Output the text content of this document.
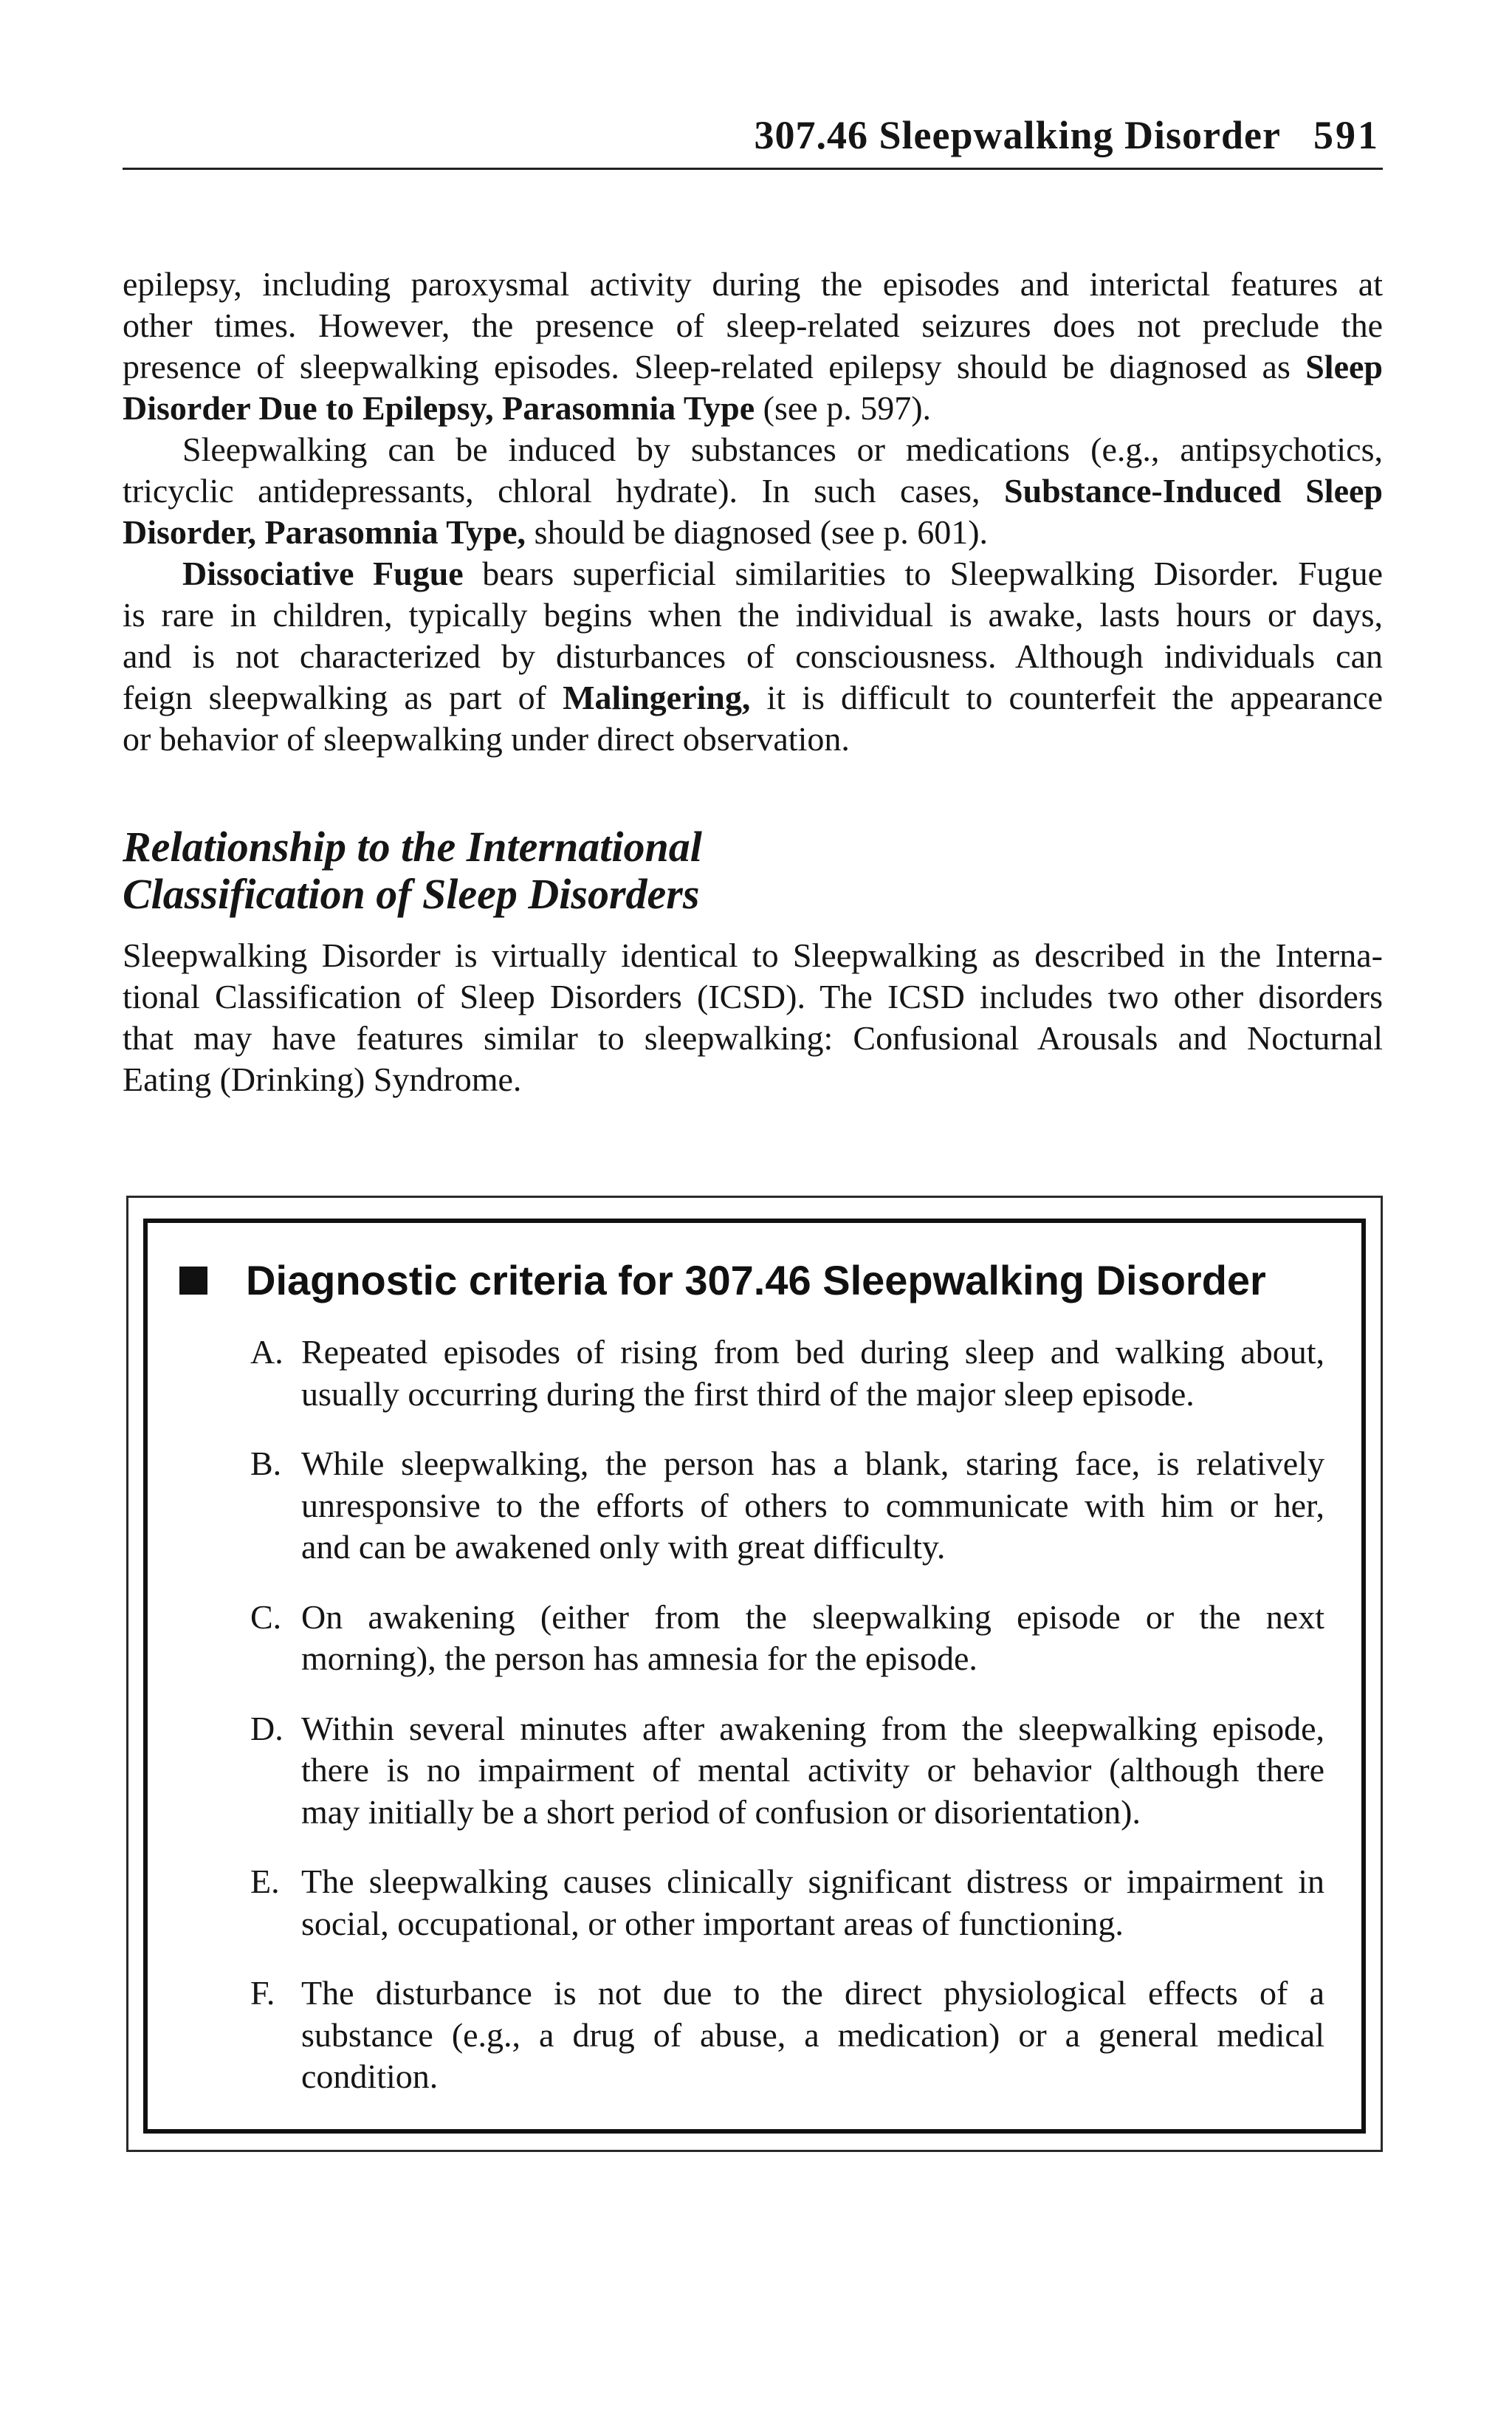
307.46 Sleepwalking Disorder 591
epilepsy, including paroxysmal activity during the episodes and interictal features at
other times. However, the presence of sleep-related seizures does not preclude the
presence of sleepwalking episodes. Sleep-related epilepsy should be diagnosed as Sleep
Disorder Due to Epilepsy, Parasomnia Type (see p. 597).
Sleepwalking can be induced by substances or medications (e.g., antipsychotics,
tricyclic antidepressants, chloral hydrate). In such cases, Substance-Induced Sleep
Disorder, Parasomnia Type, should be diagnosed (see p. 601).
Dissociative Fugue bears superficial similarities to Sleepwalking Disorder. Fugue
is rare in children, typically begins when the individual is awake, lasts hours or days,
and is not characterized by disturbances of consciousness. Although individuals can
feign sleepwalking as part of Malingering, it is difficult to counterfeit the appearance
or behavior of sleepwalking under direct observation.
Relationship to the International
Classification of Sleep Disorders
Sleepwalking Disorder is virtually identical to Sleepwalking as described in the Interna-
tional Classification of Sleep Disorders (ICSD). The ICSD includes two other disorders
that may have features similar to sleepwalking: Confusional Arousals and Nocturnal
Eating (Drinking) Syndrome.
Diagnostic criteria for 307.46 Sleepwalking Disorder
A. Repeated episodes of rising from bed during sleep and walking about,
usually occurring during the first third of the major sleep episode.
B. While sleepwalking, the person has a blank, staring face, is relatively
unresponsive to the efforts of others to communicate with him or her,
and can be awakened only with great difficulty.
C. On awakening (either from the sleepwalking episode or the next
morning), the person has amnesia for the episode.
D. Within several minutes after awakening from the sleepwalking episode,
there is no impairment of mental activity or behavior (although there
may initially be a short period of confusion or disorientation).
E. The sleepwalking causes clinically significant distress or impairment in
social, occupational, or other important areas of functioning.
F. The disturbance is not due to the direct physiological effects of a
substance (e.g., a drug of abuse, a medication) or a general medical
condition.
